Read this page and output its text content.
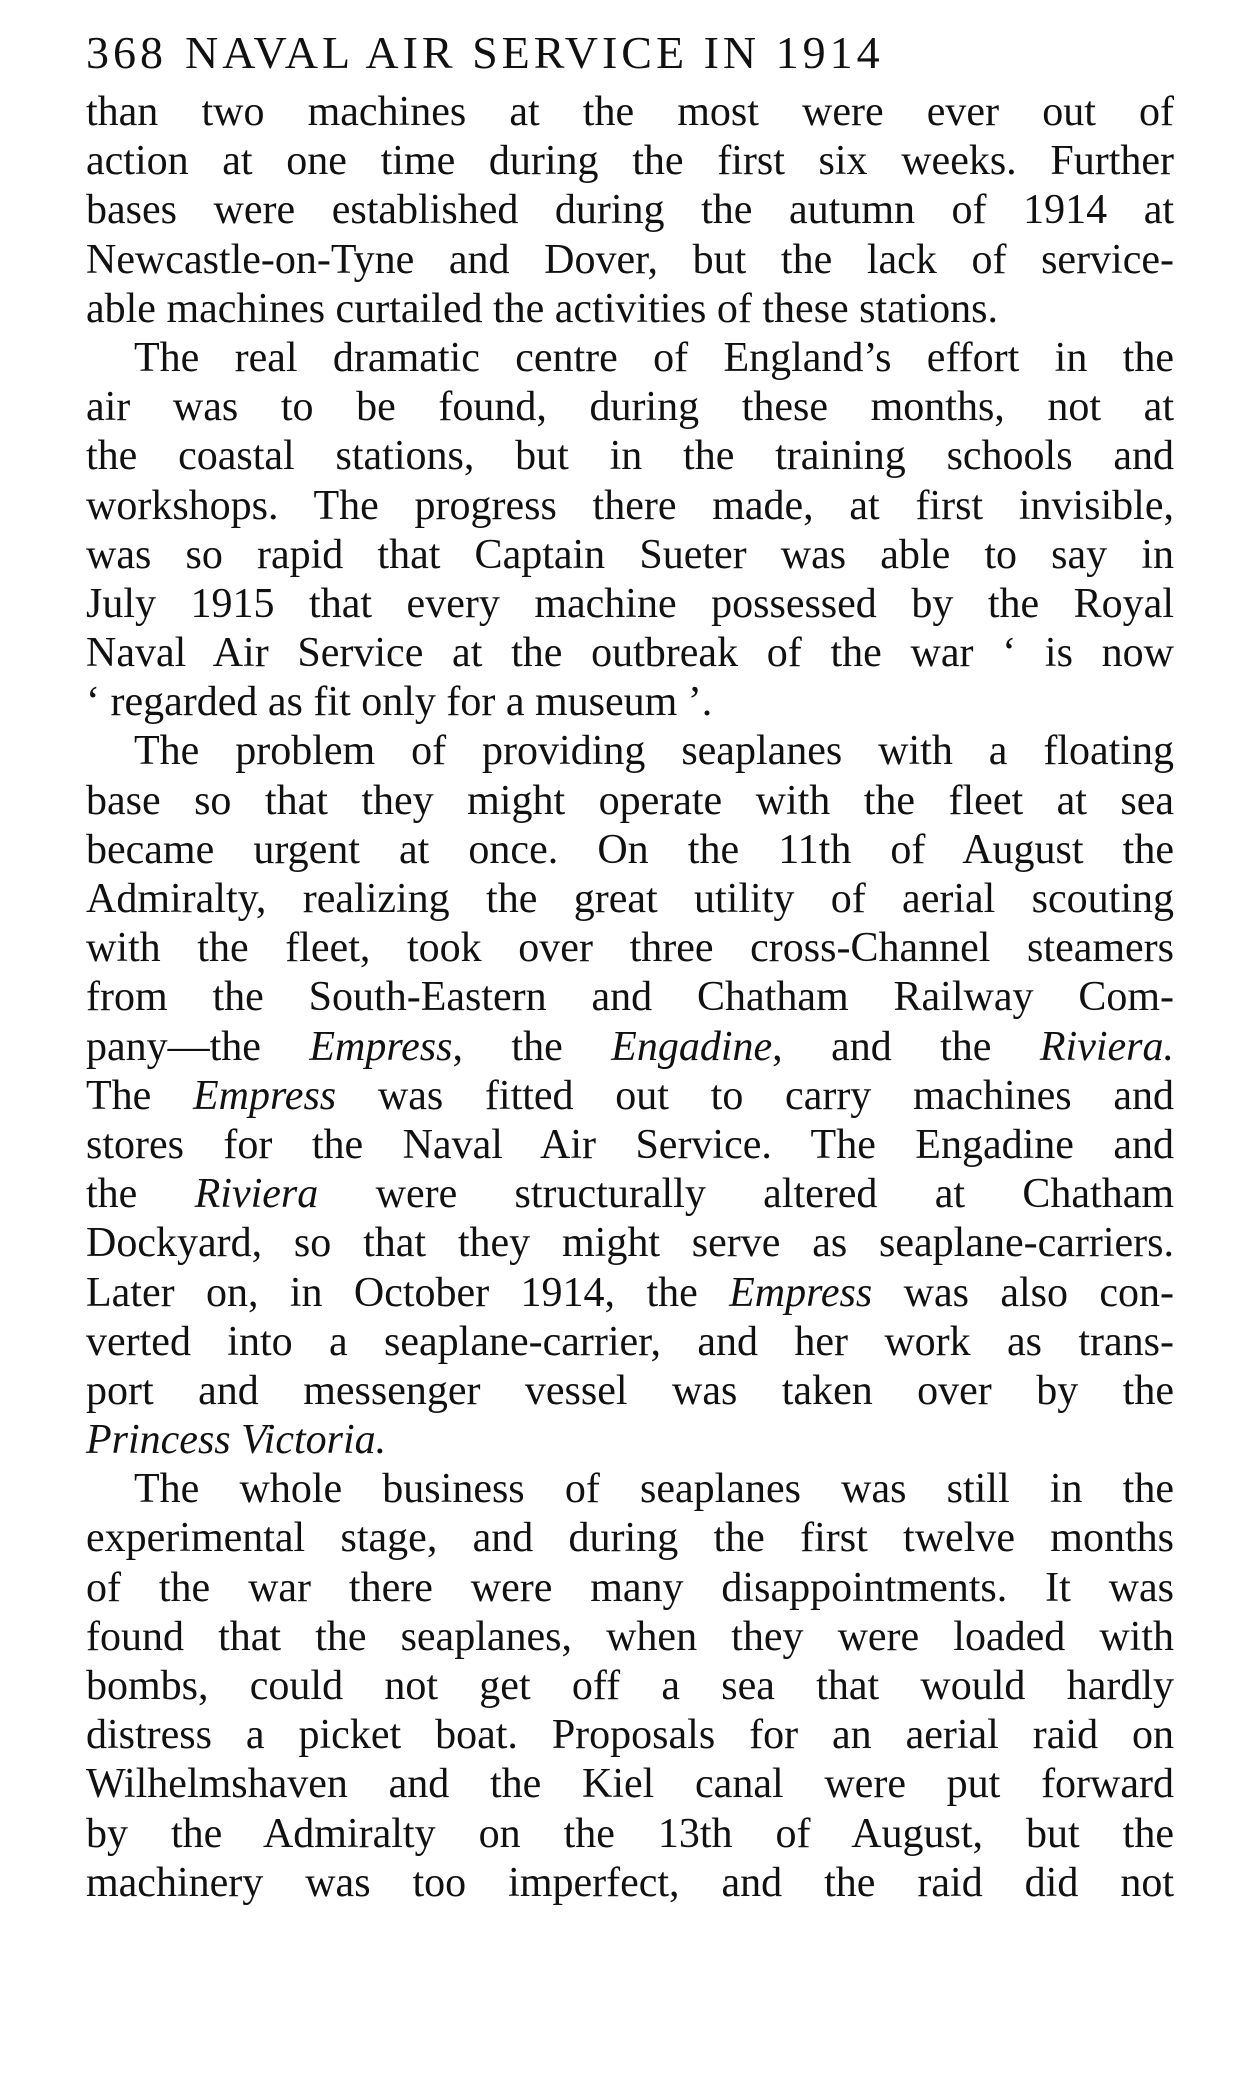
368 NAVAL AIR SERVICE IN 1914

than two machines at the most were ever out of
action at one time during the first six weeks. Further
bases were established during the autumn of 1914 at
Newcastle-on-Tyne and Dover, but the lack of service-
able machines curtailed the activities of these stations.

The real dramatic centre of England’s effort in the
air was to be found, during these months, not at
the coastal stations, but in the training schools and
workshops. The progress there made, at first invisible,
was so rapid that Captain Sueter was able to say in
July 1915 that every machine possessed by the Royal
Naval Air Service at the outbreak of the war ‘ is now
‘ regarded as fit only for a museum ’.

The problem of providing seaplanes with a floating
base so that they might operate with the fleet at sea
became urgent at once. On the 11th of August the
Admiralty, realizing the great utility of aerial scouting
with the fleet, took over three cross-Channel steamers
from the South-Eastern and Chatham Railway Com-
pany—the Empress, the Engadine, and the Riviera.
The Empress was fitted out to carry machines and
stores for the Naval Air Service. The Engadine and
the Riviera were structurally altered at Chatham
Dockyard, so that they might serve as seaplane-carriers.
Later on, in October 1914, the Empress was also con-
verted into a seaplane-carrier, and her work as trans-
port and messenger vessel was taken over by the
Princess Victoria.

The whole business of seaplanes was still in the
experimental stage, and during the first twelve months
of the war there were many disappointments. It was
found that the seaplanes, when they were loaded with
bombs, could not get off a sea that would hardly
distress a picket boat. Proposals for an aerial raid on
Wilhelmshaven and the Kiel canal were put forward
by the Admiralty on the 13th of August, but the
machinery was too imperfect, and the raid did not
